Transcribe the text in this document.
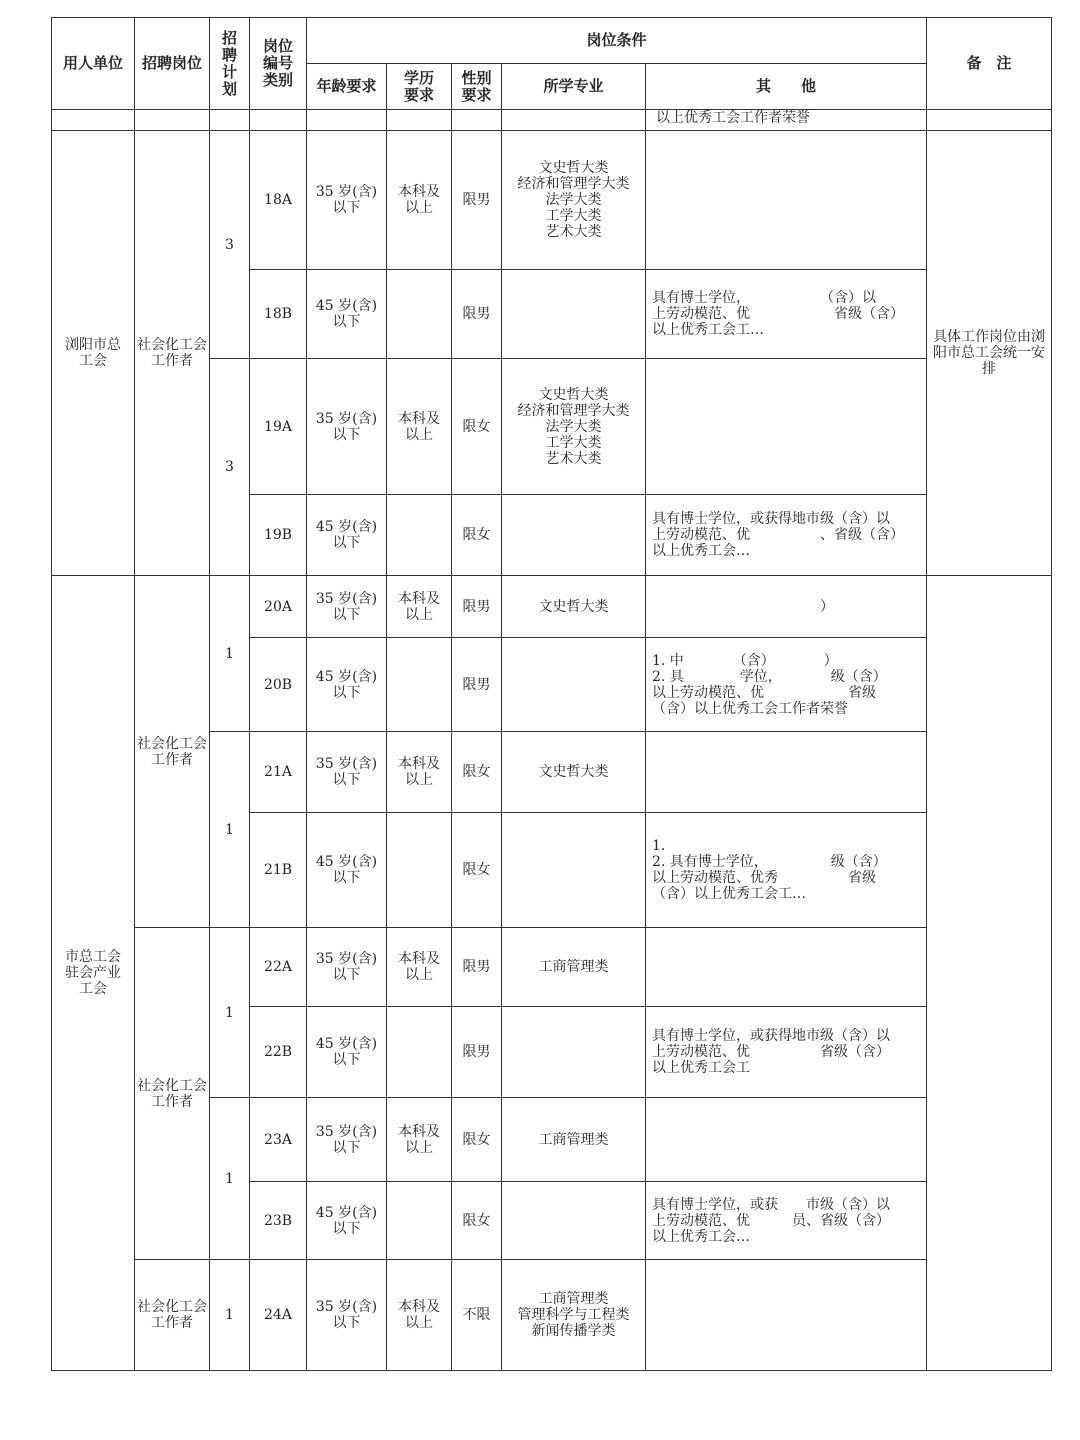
用人单位	招聘岗位	招
聘
计
划	岗位
编号
类别	岗位条件					备　注
				年龄要求	学历
要求	性别
要求	所学专业	其　　他	
								以上优秀工会工作者荣誉	

浏阳市总
工会	社会化工会
工作者	3	18A	35 岁(含)
以下	本科及
以上	限男	文史哲大类
经济和管理学大类
法学大类
工学大类
艺术大类		具体工作岗位由浏
阳市总工会统一安
排

			18B	45 岁(含)
以下		限男		具有博士学位，　　　　　　（含）以
上劳动模范、优　　　　　　省级（含）
以上优秀工会工…	

		3	19A	35 岁(含)
以下	本科及
以上	限女	文史哲大类
经济和管理学大类
法学大类
工学大类
艺术大类		

			19B	45 岁(含)
以下		限女		具有博士学位，或获得地市级（含）以
上劳动模范、优　　　　　、省级（含）
以上优秀工会…	

市总工会
驻会产业
工会	社会化工会
工作者	1	20A	35 岁(含)
以下	本科及
以上	限男	文史哲大类	　　　　　　　　　　　　）	

			20B	45 岁(含)
以下		限男		1. 中　　　　（含）　　　　）
2. 具　　　　学位，　　　　级（含）
以上劳动模范、优　　　　　　省级
（含）以上优秀工会工作者荣誉	

		1	21A	35 岁(含)
以下	本科及
以上	限女	文史哲大类		

			21B	45 岁(含)
以下		限女		1.
2. 具有博士学位，　　　　　级（含）
以上劳动模范、优秀　　　　　省级
（含）以上优秀工会工…	

	社会化工会
工作者	1	22A	35 岁(含)
以下	本科及
以上	限男	工商管理类		

			22B	45 岁(含)
以下		限男		具有博士学位，或获得地市级（含）以
上劳动模范、优　　　　　省级（含）
以上优秀工会工	

		1	23A	35 岁(含)
以下	本科及
以上	限女	工商管理类		

			23B	45 岁(含)
以下		限女		具有博士学位，或获　　市级（含）以
上劳动模范、优　　　员、省级（含）
以上优秀工会…	

	社会化工会
工作者	1	24A	35 岁(含)
以下	本科及
以上	不限	工商管理类
管理科学与工程类
新闻传播学类		
